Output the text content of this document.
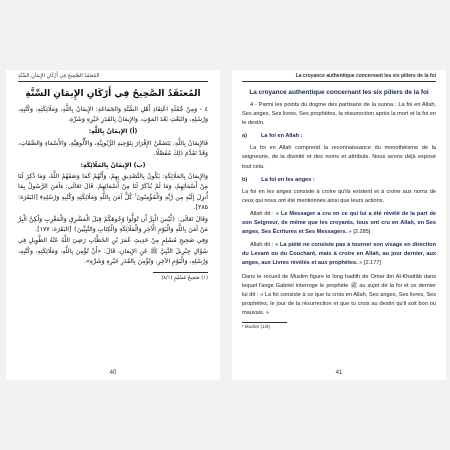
المُعتَقَدُ الصَّحِيحُ فِي أَرْكَانِ الإِيمَانِ السِّتَّةِ
المُعتَقَدُ الصَّحِيحُ فِي أَرْكَانِ الإِيمَانِ السِّتَّةِ

٤ - وَمِنْ جُمْلَةِ اعْتِقَادِ أَهْلِ السُّنَّةِ وَالجَمَاعَةِ: الإِيمَانُ بِاللَّهِ، وَمَلَائِكَتِهِ، وَكُتُبِهِ، وَرُسُلِهِ، وَالبَعْثِ بَعْدَ المَوْتِ، وَالإِيمَانُ بِالقَدَرِ خَيْرِهِ وَشَرِّهِ.

(أ) الإِيمَانُ بِاللَّهِ:

فَالإِيمَانُ بِاللَّهِ: يَتَضَمَّنُ الإِقْرَارَ بِتَوْحِيدِ الرُّبُوبِيَّةِ، وَالأُلُوهِيَّةِ، وَالأَسْمَاءِ وَالصِّفَاتِ، وَقَدْ تَقَدَّمَ ذَلِكَ مُفَصَّلًا.

(ب) الإِيمَانُ بِالمَلَائِكَةِ:

وَالإِيمَانُ بِالمَلَائِكَةِ: يَكُونُ بِالتَّصْدِيقِ بِهِمْ، وَأَنَّهُمْ كَمَا وَصَفَهُمُ اللَّهُ، وَمَا ذُكِرَ لَنَا مِنْ أَسْمَائِهِمْ، وَمَا لَمْ يُذْكَرْ لَنَا مِنْ أَسْمَائِهِمْ. قَالَ تَعَالَى: ﴿آمَنَ الرَّسُولُ بِمَا أُنزِلَ إِلَيْهِ مِن رَّبِّهِ وَالْمُؤْمِنُونَ ۚ كُلٌّ آمَنَ بِاللَّهِ وَمَلَائِكَتِهِ وَكُتُبِهِ وَرُسُلِهِ﴾ [البَقَرَة: ٢٨٥].

وَقَالَ تَعَالَى: ﴿لَّيْسَ الْبِرَّ أَن تُوَلُّوا وُجُوهَكُمْ قِبَلَ الْمَشْرِقِ وَالْمَغْرِبِ وَلَٰكِنَّ الْبِرَّ مَنْ آمَنَ بِاللَّهِ وَالْيَوْمِ الْآخِرِ وَالْمَلَائِكَةِ وَالْكِتَابِ وَالنَّبِيِّينَ﴾ [البَقَرَة: ١٧٧].

وَفِي صَحِيحِ مُسْلِمٍ مِنْ حَدِيثِ عُمَرَ بْنِ الخَطَّابِ رَضِيَ اللَّهُ عَنْهُ الطَّوِيلِ فِي سُؤَالِ جِبْرِيلَ النَّبِيَّ ﷺ عَنِ الإِيمَانِ، قَالَ: «أَنْ تُؤْمِنَ بِاللَّهِ، وَمَلَائِكَتِهِ، وَكُتُبِهِ، وَرُسُلِهِ، وَالْيَوْمِ الآخِرِ، وَتُؤْمِنَ بِالقَدَرِ خَيْرِهِ وَشَرِّهِ».

(١) صَحِيحُ مُسْلِمٍ (٨/١)
40
La croyance authentique concernant les six piliers de la foi
La croyance authentique concernant les six piliers de la foi

4 - Parmi les points du dogme des partisans de la sunna : La foi en Allah, Ses anges, Ses livres, Ses prophètes, la résurrection après la mort et la foi en le destin.

a)	La foi en Allah :

La foi en Allah comprend la reconnaissance du monothéisme de la seigneurie, de la divinité et des noms et attributs. Nous avons déjà exposé tout cela.

b)	La foi en les anges :

La foi en les anges consiste à croire qu'ils existent et à croire aux noms de ceux qui nous ont été mentionnés ainsi que leurs actions.

Allah dit : « Le Messager a cru en ce qui lui a été révélé de la part de son Seigneur, de même que les croyants, tous ont cru en Allah, en Ses anges, Ses Écritures et Ses Messagers. » [2.285]

Allah dit : « La piété ne consiste pas à tourner son visage en direction du Levant ou du Couchant, mais à croire en Allah, au jour dernier, aux anges, aux Livres révélés et aux prophètes. » [2.177]

Dans le recueil de Muslim figure le long hadith de Omar ibn Al-Khattâb dans lequel l'ange Gabriel interroge le prophète ﷺ au sujet de la foi et ce dernier lui dit : « La foi consiste à ce que tu crois en Allah, Ses anges, Ses livres, Ses prophètes, le jour de la résurrection et que tu crois au destin qu'il soit bon ou mauvais. »

¹ Muslim (1/8)
41
